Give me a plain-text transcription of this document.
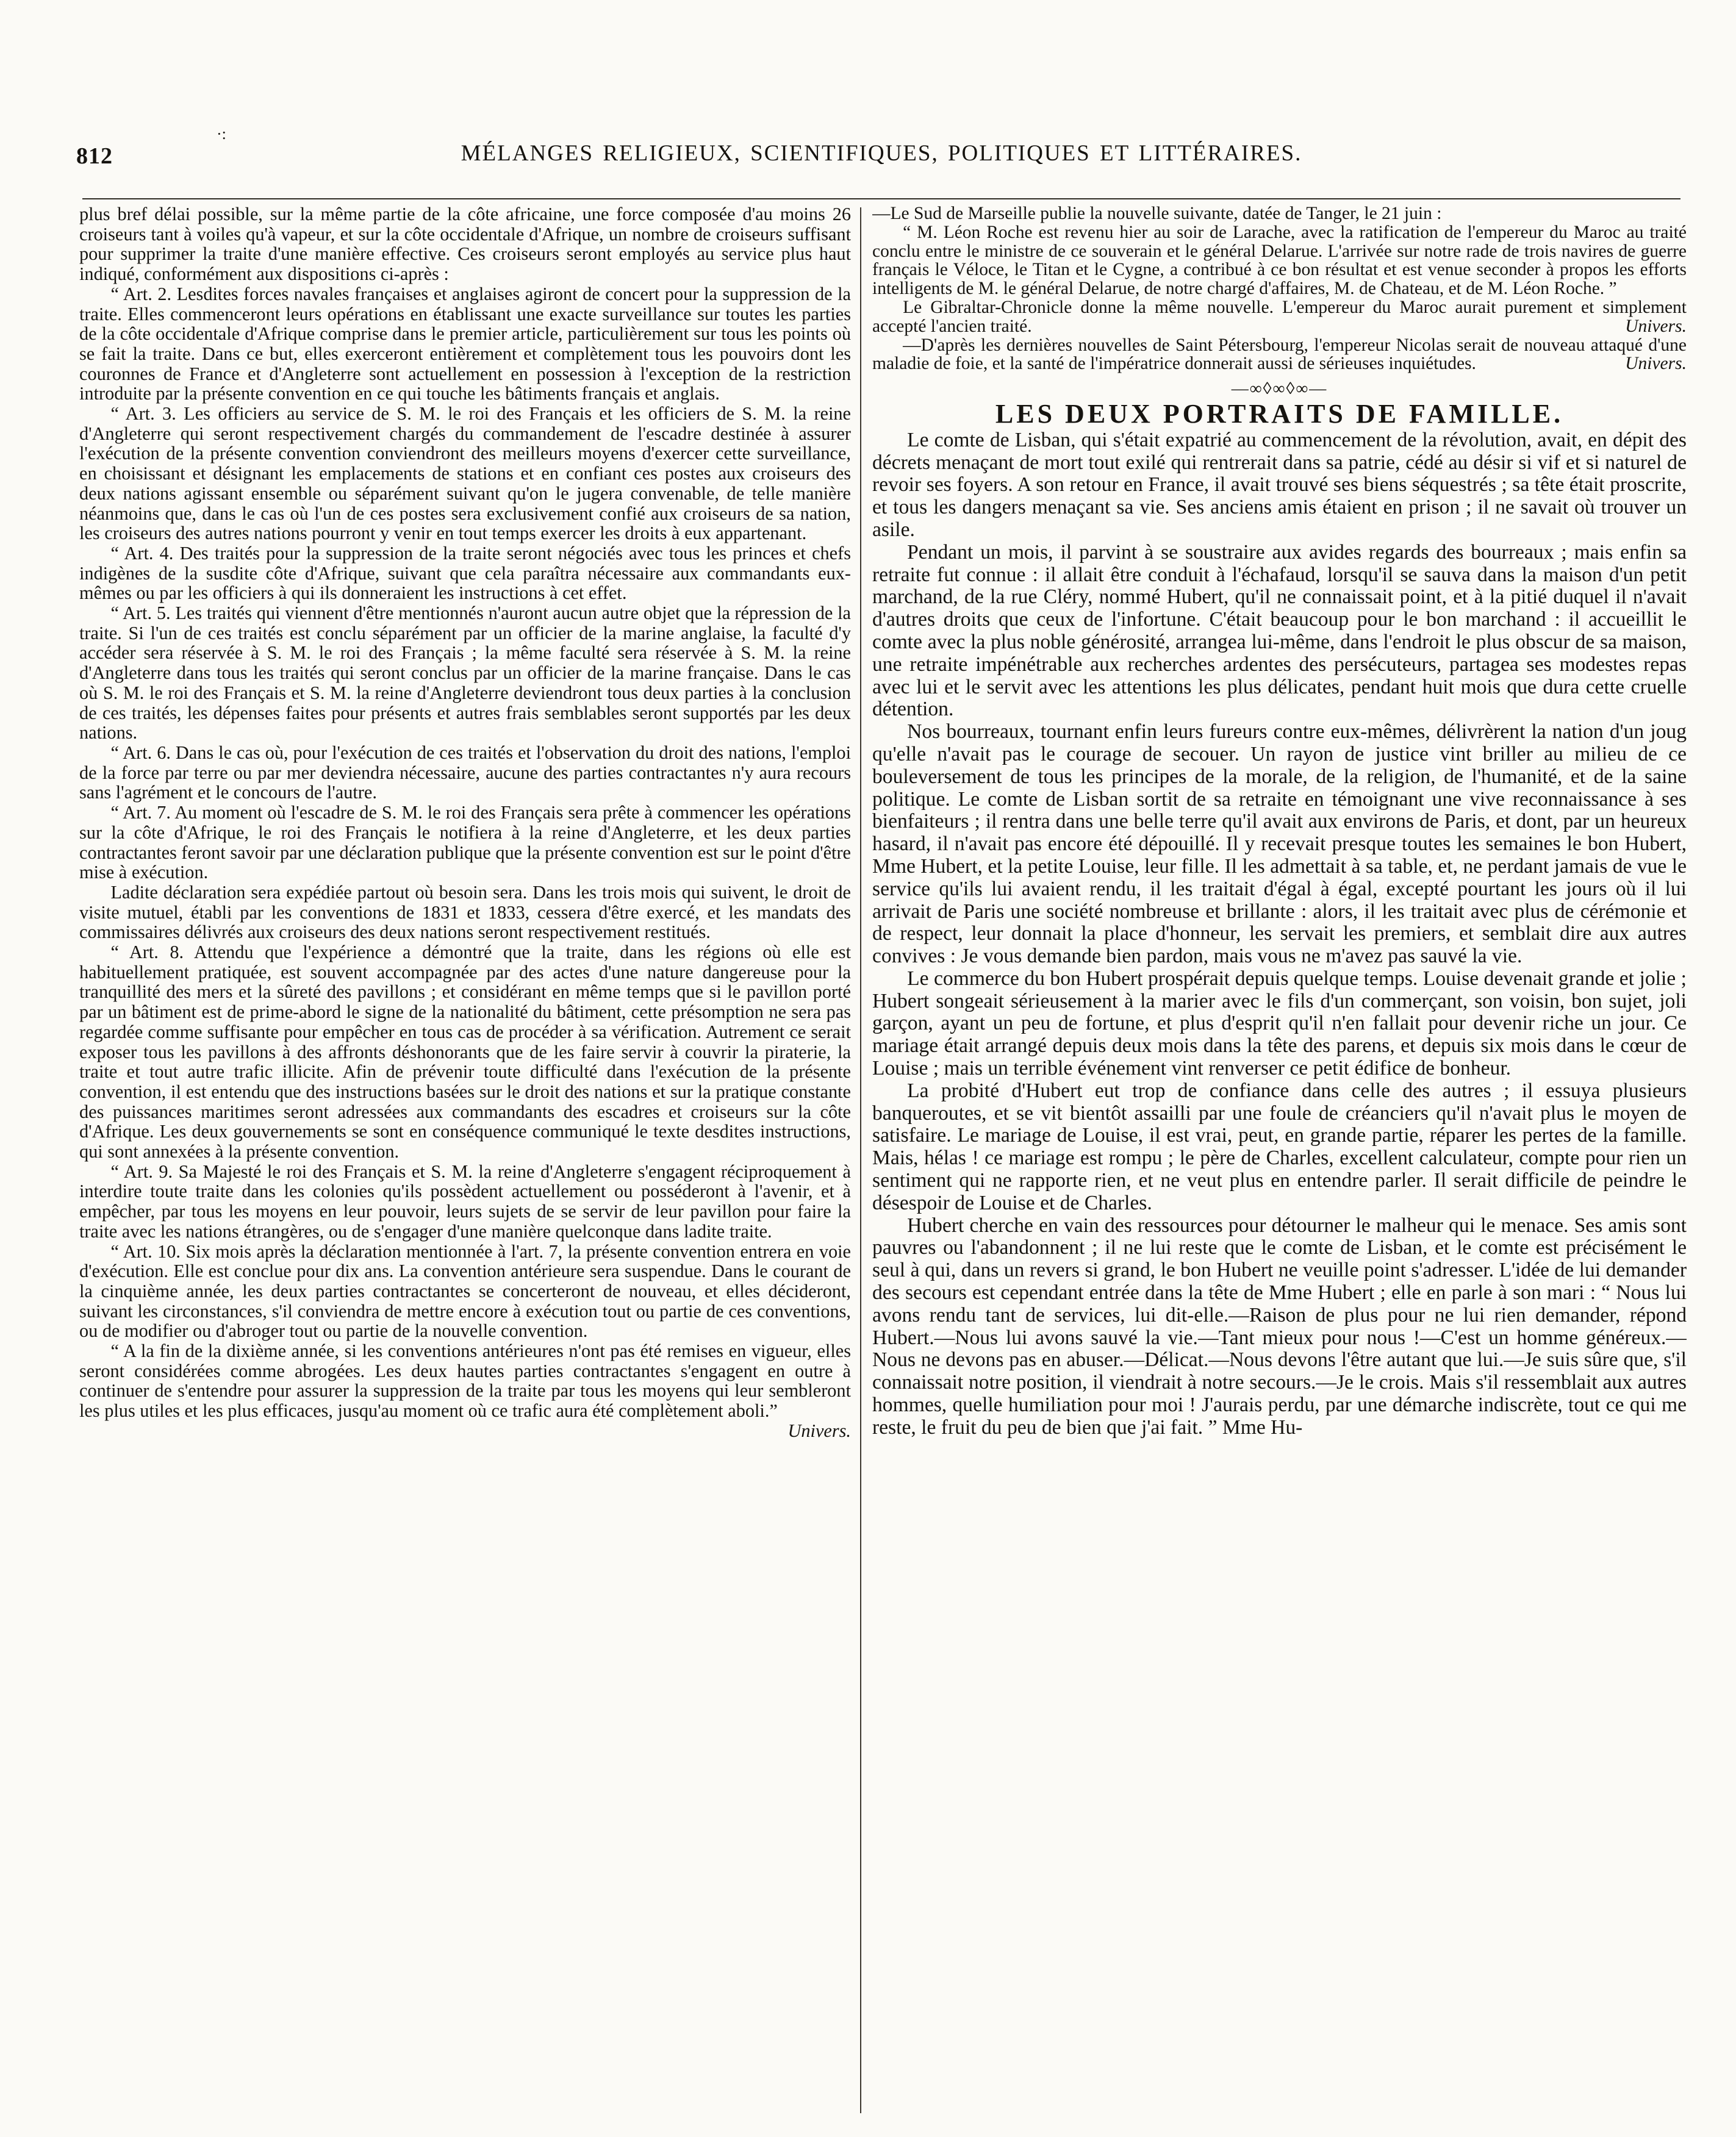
·:
812	MÉLANGES RELIGIEUX, SCIENTIFIQUES, POLITIQUES ET LITTÉRAIRES.

plus bref délai possible, sur la même partie de la côte africaine, une force composée d'au moins 26 croiseurs tant à voiles qu'à vapeur, et sur la côte occidentale d'Afrique, un nombre de croiseurs suffisant pour supprimer la traite d'une manière effective. Ces croiseurs seront employés au service plus haut indiqué, conformément aux dispositions ci-après :

“ Art. 2. Lesdites forces navales françaises et anglaises agiront de concert pour la suppression de la traite. Elles commenceront leurs opérations en établissant une exacte surveillance sur toutes les parties de la côte occidentale d'Afrique comprise dans le premier article, particulièrement sur tous les points où se fait la traite. Dans ce but, elles exerceront entièrement et complètement tous les pouvoirs dont les couronnes de France et d'Angleterre sont actuellement en possession à l'exception de la restriction introduite par la présente convention en ce qui touche les bâtiments français et anglais.

“ Art. 3. Les officiers au service de S. M. le roi des Français et les officiers de S. M. la reine d'Angleterre qui seront respectivement chargés du commandement de l'escadre destinée à assurer l'exécution de la présente convention conviendront des meilleurs moyens d'exercer cette surveillance, en choisissant et désignant les emplacements de stations et en confiant ces postes aux croiseurs des deux nations agissant ensemble ou séparément suivant qu'on le jugera convenable, de telle manière néanmoins que, dans le cas où l'un de ces postes sera exclusivement confié aux croiseurs de sa nation, les croiseurs des autres nations pourront y venir en tout temps exercer les droits à eux appartenant.

“ Art. 4. Des traités pour la suppression de la traite seront négociés avec tous les princes et chefs indigènes de la susdite côte d'Afrique, suivant que cela paraîtra nécessaire aux commandants eux-mêmes ou par les officiers à qui ils donneraient les instructions à cet effet.

“ Art. 5. Les traités qui viennent d'être mentionnés n'auront aucun autre objet que la répression de la traite. Si l'un de ces traités est conclu séparément par un officier de la marine anglaise, la faculté d'y accéder sera réservée à S. M. le roi des Français ; la même faculté sera réservée à S. M. la reine d'Angleterre dans tous les traités qui seront conclus par un officier de la marine française. Dans le cas où S. M. le roi des Français et S. M. la reine d'Angleterre deviendront tous deux parties à la conclusion de ces traités, les dépenses faites pour présents et autres frais semblables seront supportés par les deux nations.

“ Art. 6. Dans le cas où, pour l'exécution de ces traités et l'observation du droit des nations, l'emploi de la force par terre ou par mer deviendra nécessaire, aucune des parties contractantes n'y aura recours sans l'agrément et le concours de l'autre.

“ Art. 7. Au moment où l'escadre de S. M. le roi des Français sera prête à commencer les opérations sur la côte d'Afrique, le roi des Français le notifiera à la reine d'Angleterre, et les deux parties contractantes feront savoir par une déclaration publique que la présente convention est sur le point d'être mise à exécution.

Ladite déclaration sera expédiée partout où besoin sera. Dans les trois mois qui suivent, le droit de visite mutuel, établi par les conventions de 1831 et 1833, cessera d'être exercé, et les mandats des commissaires délivrés aux croiseurs des deux nations seront respectivement restitués.

“ Art. 8. Attendu que l'expérience a démontré que la traite, dans les régions où elle est habituellement pratiquée, est souvent accompagnée par des actes d'une nature dangereuse pour la tranquillité des mers et la sûreté des pavillons ; et considérant en même temps que si le pavillon porté par un bâtiment est de prime-abord le signe de la nationalité du bâtiment, cette présomption ne sera pas regardée comme suffisante pour empêcher en tous cas de procéder à sa vérification. Autrement ce serait exposer tous les pavillons à des affronts déshonorants que de les faire servir à couvrir la piraterie, la traite et tout autre trafic illicite. Afin de prévenir toute difficulté dans l'exécution de la présente convention, il est entendu que des instructions basées sur le droit des nations et sur la pratique constante des puissances maritimes seront adressées aux commandants des escadres et croiseurs sur la côte d'Afrique. Les deux gouvernements se sont en conséquence communiqué le texte desdites instructions, qui sont annexées à la présente convention.

“ Art. 9. Sa Majesté le roi des Français et S. M. la reine d'Angleterre s'engagent réciproquement à interdire toute traite dans les colonies qu'ils possèdent actuellement ou posséderont à l'avenir, et à empêcher, par tous les moyens en leur pouvoir, leurs sujets de se servir de leur pavillon pour faire la traite avec les nations étrangères, ou de s'engager d'une manière quelconque dans ladite traite.

“ Art. 10. Six mois après la déclaration mentionnée à l'art. 7, la présente convention entrera en voie d'exécution. Elle est conclue pour dix ans. La convention antérieure sera suspendue. Dans le courant de la cinquième année, les deux parties contractantes se concerteront de nouveau, et elles décideront, suivant les circonstances, s'il conviendra de mettre encore à exécution tout ou partie de ces conventions, ou de modifier ou d'abroger tout ou partie de la nouvelle convention.

“ A la fin de la dixième année, si les conventions antérieures n'ont pas été remises en vigueur, elles seront considérées comme abrogées. Les deux hautes parties contractantes s'engagent en outre à continuer de s'entendre pour assurer la suppression de la traite par tous les moyens qui leur sembleront les plus utiles et les plus efficaces, jusqu'au moment où ce trafic aura été complètement aboli.”
Univers.

—Le Sud de Marseille publie la nouvelle suivante, datée de Tanger, le 21 juin :

“ M. Léon Roche est revenu hier au soir de Larache, avec la ratification de l'empereur du Maroc au traité conclu entre le ministre de ce souverain et le général Delarue. L'arrivée sur notre rade de trois navires de guerre français le Véloce, le Titan et le Cygne, a contribué à ce bon résultat et est venue seconder à propos les efforts intelligents de M. le général Delarue, de notre chargé d'affaires, M. de Chateau, et de M. Léon Roche. ”

Le Gibraltar-Chronicle donne la même nouvelle. L'empereur du Maroc aurait purement et simplement accepté l'ancien traité.	Univers.

—D'après les dernières nouvelles de Saint Pétersbourg, l'empereur Nicolas serait de nouveau attaqué d'une maladie de foie, et la santé de l'impératrice donnerait aussi de sérieuses inquiétudes.	Univers.

—∞◊∞◊∞—
LES DEUX PORTRAITS DE FAMILLE.

Le comte de Lisban, qui s'était expatrié au commencement de la révolution, avait, en dépit des décrets menaçant de mort tout exilé qui rentrerait dans sa patrie, cédé au désir si vif et si naturel de revoir ses foyers. A son retour en France, il avait trouvé ses biens séquestrés ; sa tête était proscrite, et tous les dangers menaçant sa vie. Ses anciens amis étaient en prison ; il ne savait où trouver un asile.

Pendant un mois, il parvint à se soustraire aux avides regards des bourreaux ; mais enfin sa retraite fut connue : il allait être conduit à l'échafaud, lorsqu'il se sauva dans la maison d'un petit marchand, de la rue Cléry, nommé Hubert, qu'il ne connaissait point, et à la pitié duquel il n'avait d'autres droits que ceux de l'infortune. C'était beaucoup pour le bon marchand : il accueillit le comte avec la plus noble générosité, arrangea lui-même, dans l'endroit le plus obscur de sa maison, une retraite impénétrable aux recherches ardentes des persécuteurs, partagea ses modestes repas avec lui et le servit avec les attentions les plus délicates, pendant huit mois que dura cette cruelle détention.

Nos bourreaux, tournant enfin leurs fureurs contre eux-mêmes, délivrèrent la nation d'un joug qu'elle n'avait pas le courage de secouer. Un rayon de justice vint briller au milieu de ce bouleversement de tous les principes de la morale, de la religion, de l'humanité, et de la saine politique. Le comte de Lisban sortit de sa retraite en témoignant une vive reconnaissance à ses bienfaiteurs ; il rentra dans une belle terre qu'il avait aux environs de Paris, et dont, par un heureux hasard, il n'avait pas encore été dépouillé. Il y recevait presque toutes les semaines le bon Hubert, Mme Hubert, et la petite Louise, leur fille. Il les admettait à sa table, et, ne perdant jamais de vue le service qu'ils lui avaient rendu, il les traitait d'égal à égal, excepté pourtant les jours où il lui arrivait de Paris une société nombreuse et brillante : alors, il les traitait avec plus de cérémonie et de respect, leur donnait la place d'honneur, les servait les premiers, et semblait dire aux autres convives : Je vous demande bien pardon, mais vous ne m'avez pas sauvé la vie.

Le commerce du bon Hubert prospérait depuis quelque temps. Louise devenait grande et jolie ; Hubert songeait sérieusement à la marier avec le fils d'un commerçant, son voisin, bon sujet, joli garçon, ayant un peu de fortune, et plus d'esprit qu'il n'en fallait pour devenir riche un jour. Ce mariage était arrangé depuis deux mois dans la tête des parens, et depuis six mois dans le cœur de Louise ; mais un terrible événement vint renverser ce petit édifice de bonheur.

La probité d'Hubert eut trop de confiance dans celle des autres ; il essuya plusieurs banqueroutes, et se vit bientôt assailli par une foule de créanciers qu'il n'avait plus le moyen de satisfaire. Le mariage de Louise, il est vrai, peut, en grande partie, réparer les pertes de la famille. Mais, hélas ! ce mariage est rompu ; le père de Charles, excellent calculateur, compte pour rien un sentiment qui ne rapporte rien, et ne veut plus en entendre parler. Il serait difficile de peindre le désespoir de Louise et de Charles.

Hubert cherche en vain des ressources pour détourner le malheur qui le menace. Ses amis sont pauvres ou l'abandonnent ; il ne lui reste que le comte de Lisban, et le comte est précisément le seul à qui, dans un revers si grand, le bon Hubert ne veuille point s'adresser. L'idée de lui demander des secours est cependant entrée dans la tête de Mme Hubert ; elle en parle à son mari : “ Nous lui avons rendu tant de services, lui dit-elle.—Raison de plus pour ne lui rien demander, répond Hubert.—Nous lui avons sauvé la vie.—Tant mieux pour nous !—C'est un homme généreux.—Nous ne devons pas en abuser.—Délicat.—Nous devons l'être autant que lui.—Je suis sûre que, s'il connaissait notre position, il viendrait à notre secours.—Je le crois. Mais s'il ressemblait aux autres hommes, quelle humiliation pour moi ! J'aurais perdu, par une démarche indiscrète, tout ce qui me reste, le fruit du peu de bien que j'ai fait. ” Mme Hu-
